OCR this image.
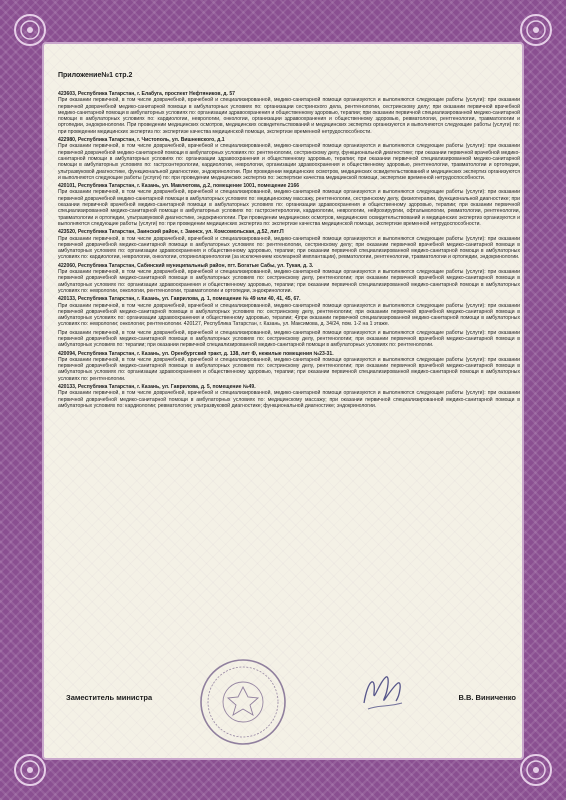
Приложение№1 стр.2
423603, Республика Татарстан, г. Елабуга, проспект Нефтяников, д. 57
При оказании первичной, в том числе доврачебной, врачебной и специализированной, медико-санитарной помощи организуются и выполняются следующие работы (услуги): при оказании первичной доврачебной медико-санитарной помощи в амбулаторных условиях по: организации сестринского дела, рентгенологии, сестринскому делу; при оказании первичной врачебной медико-санитарной помощи в амбулаторных условиях по: организации здравоохранения и общественному здоровью, терапии; при оказании первичной специализированной медико-санитарной помощи в амбулаторных условиях по: кардиологии, неврологии, онкологии, организации здравоохранения и общественному здоровью, ревматологии, рентгенологии, травматологии и ортопедии, эндокринологии. При проведении медицинских осмотров, медицинских освидетельствований и медицинских экспертиз организуются и выполняются следующие работы (услуги) по: при проведении медицинских экспертиз по: экспертизе качества медицинской помощи, экспертизе временной нетрудоспособности.
422980, Республика Татарстан, г. Чистополь, ул. Вишневского, д.1
При оказании первичной, в том числе доврачебной, врачебной и специализированной, медико-санитарной помощи организуются и выполняются следующие работы (услуги): при оказании первичной доврачебной медико-санитарной помощи в амбулаторных условиях по: рентгенологии, сестринскому делу, функциональной диагностике; при оказании первичной врачебной медико-санитарной помощи в амбулаторных условиях по: организации здравоохранения и общественному здоровью, терапии; при оказании первичной специализированной медико-санитарной помощи в амбулаторных условиях по: гастроэнтерологии, кардиологии, неврологии, организации здравоохранения и общественному здоровью, рентгенологии, травматологии и ортопедии, ультразвуковой диагностике, функциональной диагностике, эндокринологии. При проведении медицинских осмотров, медицинских освидетельствований и медицинских экспертиз организуются и выполняются следующие работы (услуги) по: при проведении медицинских экспертиз по: экспертизе качества медицинской помощи, экспертизе временной нетрудоспособности.
420101, Республика Татарстан, г. Казань, ул. Мавлютова, д.2, помещение 1001, помещение 2166
При оказании первичной, в том числе доврачебной, врачебной и специализированной, медико-санитарной помощи организуются и выполняются следующие работы (услуги): при оказании первичной доврачебной медико-санитарной помощи в амбулаторных условиях по: медицинскому массажу, рентгенологии, сестринскому делу, физиотерапии, функциональной диагностике; при оказании первичной врачебной медико-санитарной помощи в амбулаторных условиях по: организации здравоохранения и общественному здоровью, терапии; при оказании первичной специализированной медико-санитарной помощи в амбулаторных условиях по: гастроэнтерологии, кардиологии, неврологии, нейрохирургии, офтальмологии, ревматологии, рентгенологии, травматологии и ортопедии, ультразвуковой диагностике, эндокринологии. При проведении медицинских осмотров, медицинских освидетельствований и медицинских экспертиз организуются и выполняются следующие работы (услуги) по: при проведении медицинских экспертиз по: экспертизе качества медицинской помощи, экспертизе временной нетрудоспособности.
423520, Республика Татарстан, Заинский район, г. Заинск, ул. Комсомольская, д.52, лит.П
При оказании первичной, в том числе доврачебной, врачебной и специализированной, медико-санитарной помощи организуются и выполняются следующие работы (услуги): при оказании первичной доврачебной медико-санитарной помощи в амбулаторных условиях по: рентгенологии, сестринскому делу; при оказании первичной врачебной медико-санитарной помощи в амбулаторных условиях по: организации здравоохранения и общественному здоровью, терапии; при оказании первичной специализированной медико-санитарной помощи в амбулаторных условиях по: кардиологии, неврологии, онкологии, оториноларингологии (за исключением кохлеарной имплантации), ревматологии, рентгенологии, травматологии и ортопедии, эндокринологии.
422060, Республика Татарстан, Сабинский муниципальный район, пгт. Богатые Сабы, ул. Тукая, д. 3.
При оказании первичной, в том числе доврачебной, врачебной и специализированной, медико-санитарной помощи организуются и выполняются следующие работы (услуги): при оказании первичной доврачебной медико-санитарной помощи в амбулаторных условиях по: сестринскому делу, рентгенологии; при оказании первичной врачебной медико-санитарной помощи в амбулаторных условиях по: организации здравоохранения и общественному здоровью, терапии; при оказании первичной специализированной медико-санитарной помощи в амбулаторных условиях по: неврологии, онкологии, рентгенологии, травматологии и ортопедии, эндокринологии.
420133, Республика Татарстан, г. Казань, ул. Гаврилова, д. 1, помещение № 49 или 40, 41, 45, 67.
При оказании первичной, в том числе доврачебной, врачебной и специализированной, медико-санитарной помощи организуются и выполняются следующие работы (услуги): при оказании первичной доврачебной медико-санитарной помощи в амбулаторных условиях по: сестринскому делу, рентгенологии; при оказании первичной врачебной медико-санитарной помощи в амбулаторных условиях по: организации здравоохранения и общественному здоровью, терапии; 4)при оказании первичной специализированной медико-санитарной помощи в амбулаторных условиях по: неврологии; онкологии; рентгенологии. 420127, Республика Татарстан, г. Казань, ул. Максимова, д. 34/24, пом. 1-2 на 1 этаже.
При оказании первичной, в том числе доврачебной, врачебной и специализированной, медико-санитарной помощи организуются и выполняются следующие работы (услуги): при оказании первичной доврачебной медико-санитарной помощи в амбулаторных условиях по: сестринскому делу, рентгенологии; при оказании первичной врачебной медико-санитарной помощи в амбулаторных условиях по: терапии; при оказании первичной специализированной медико-санитарной помощи в амбулаторных условиях по: рентгенологии.
420094, Республика Татарстан, г. Казань, ул. Оренбургский тракт, д. 138, лит Ф, нежилые помещения №23-31.
При оказании первичной, в том числе доврачебной, врачебной и специализированной, медико-санитарной помощи организуются и выполняются следующие работы (услуги): при оказании первичной доврачебной медико-санитарной помощи в амбулаторных условиях по: сестринскому делу, рентгенологии; при оказании первичной врачебной медико-санитарной помощи в амбулаторных условиях по: организации здравоохранения и общественному здоровью, терапии; при оказании первичной специализированной медико-санитарной помощи в амбулаторных условиях по: рентгенологии.
420133, Республика Татарстан, г. Казань, ул. Гаврилова, д. 5, помещение №49.
При оказании первичной, в том числе доврачебной, врачебной и специализированной, медико-санитарной помощи организуются и выполняются следующие работы (услуги): при оказании первичной доврачебной медико-санитарной помощи в амбулаторных условиях по: медицинскому массажу; при оказании первичной специализированной медико-санитарной помощи в амбулаторных условиях по: кардиологии; ревматологии; ультразвуковой диагностике; функциональной диагностике; эндокринологии.
Заместитель министра	В.В. Виниченко
